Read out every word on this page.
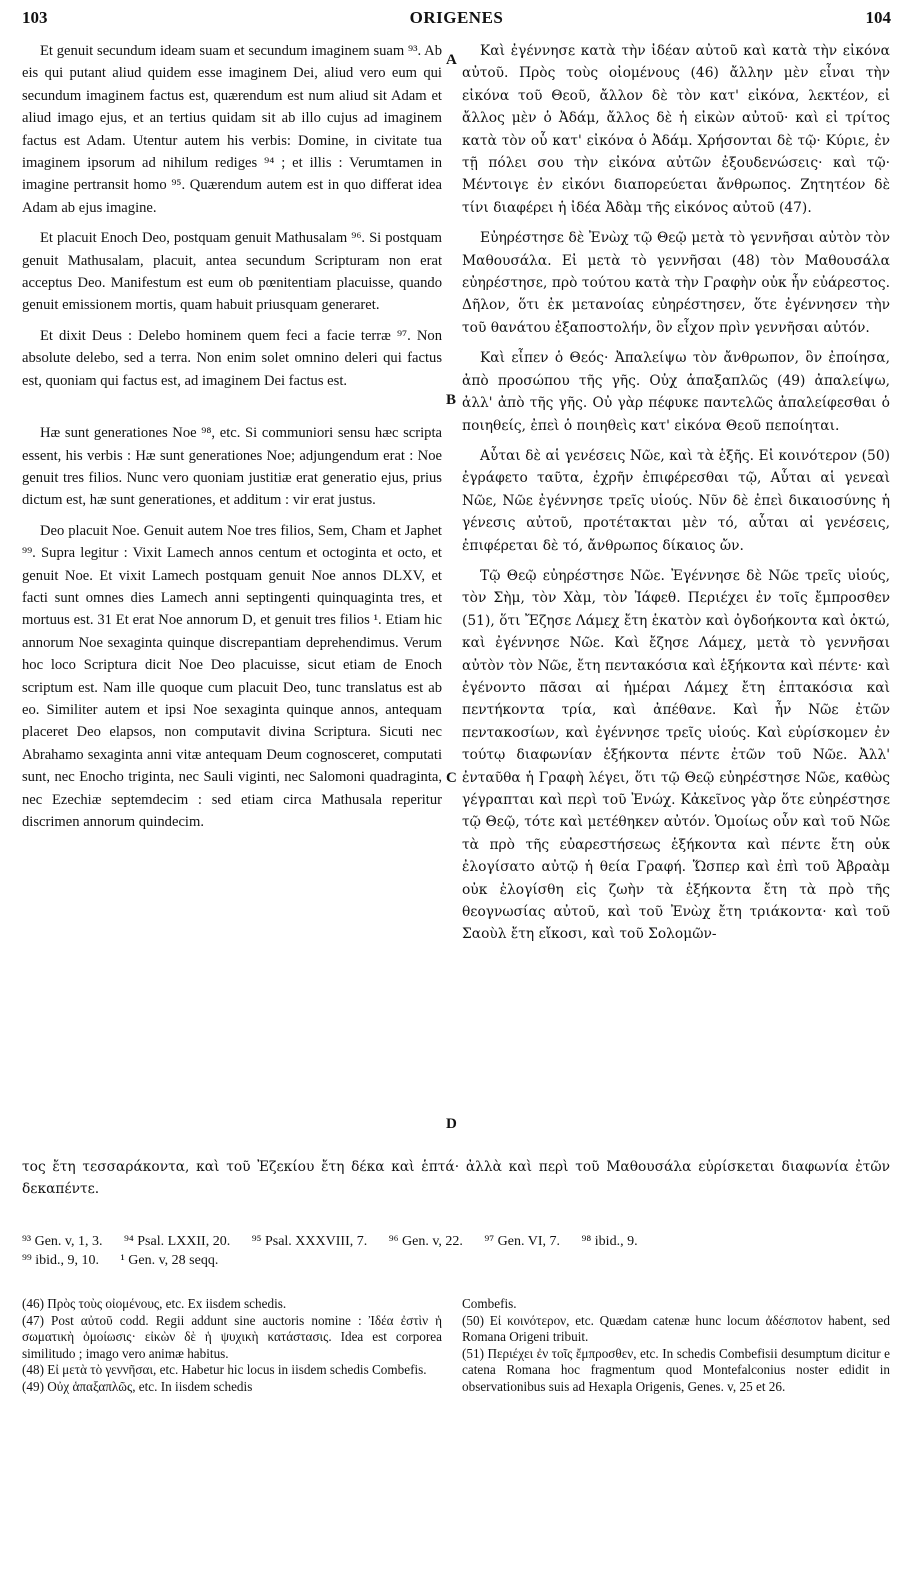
103	ORIGENES	104

Et genuit secundum ideam suam et secundum imaginem suam ⁹³. Ab eis qui putant aliud quidem esse imaginem Dei, aliud vero eum qui secundum imaginem factus est, quærendum est num aliud sit Adam et aliud imago ejus, et an tertius quidam sit ab illo cujus ad imaginem factus est Adam. Utentur autem his verbis: Domine, in civitate tua imaginem ipsorum ad nihilum rediges ⁹⁴ ; et illis : Verumtamen in imagine pertransit homo ⁹⁵. Quærendum autem est in quo differat idea Adam ab ejus imagine.

Et placuit Enoch Deo, postquam genuit Mathusalam ⁹⁶. Si postquam genuit Mathusalam, placuit, antea secundum Scripturam non erat acceptus Deo. Manifestum est eum ob pœnitentiam placuisse, quando genuit emissionem mortis, quam habuit priusquam generaret.

Et dixit Deus : Delebo hominem quem feci a facie terræ ⁹⁷. Non absolute delebo, sed a terra. Non enim solet omnino deleri qui factus est, quoniam qui factus est, ad imaginem Dei factus est.

Hæ sunt generationes Noe ⁹⁸, etc. Si communiori sensu hæc scripta essent, his verbis : Hæ sunt generationes Noe; adjungendum erat : Noe genuit tres filios. Nunc vero quoniam justitiæ erat generatio ejus, prius dictum est, hæ sunt generationes, et additum : vir erat justus.

Deo placuit Noe. Genuit autem Noe tres filios, Sem, Cham et Japhet ⁹⁹. Supra legitur : Vixit Lamech annos centum et octoginta et octo, et genuit Noe. Et vixit Lamech postquam genuit Noe annos DLXV, et facti sunt omnes dies Lamech anni septingenti quinquaginta tres, et mortuus est. 31 Et erat Noe annorum D, et genuit tres filios ¹. Etiam hic annorum Noe sexaginta quinque discrepantiam deprehendimus. Verum hoc loco Scriptura dicit Noe Deo placuisse, sicut etiam de Enoch scriptum est. Nam ille quoque cum placuit Deo, tunc translatus est ab eo. Similiter autem et ipsi Noe sexaginta quinque annos, antequam placeret Deo elapsos, non computavit divina Scriptura. Sicuti nec Abrahamo sexaginta anni vitæ antequam Deum cognosceret, computati sunt, nec Enocho triginta, nec Sauli viginti, nec Salomoni quadraginta, nec Ezechiæ septemdecim : sed etiam circa Mathusala reperitur discrimen annorum quindecim.

A
B
C
D

Καὶ ἐγέννησε κατὰ τὴν ἰδέαν αὐτοῦ καὶ κατὰ τὴν εἰκόνα αὐτοῦ. Πρὸς τοὺς οἰομένους (46) ἄλλην μὲν εἶναι τὴν εἰκόνα τοῦ Θεοῦ, ἄλλον δὲ τὸν κατ' εἰκόνα, λεκτέον, εἰ ἄλλος μὲν ὁ Ἀδάμ, ἄλλος δὲ ἡ εἰκὼν αὐτοῦ· καὶ εἰ τρίτος κατὰ τὸν οὗ κατ' εἰκόνα ὁ Ἀδάμ. Χρήσονται δὲ τῷ· Κύριε, ἐν τῇ πόλει σου τὴν εἰκόνα αὐτῶν ἐξουδενώσεις· καὶ τῷ· Μέντοιγε ἐν εἰκόνι διαπορεύεται ἄνθρωπος. Ζητητέον δὲ τίνι διαφέρει ἡ ἰδέα Ἀδὰμ τῆς εἰκόνος αὐτοῦ (47).

Εὐηρέστησε δὲ Ἐνὼχ τῷ Θεῷ μετὰ τὸ γεννῆσαι αὐτὸν τὸν Μαθουσάλα. Εἰ μετὰ τὸ γεννῆσαι (48) τὸν Μαθουσάλα εὐηρέστησε, πρὸ τούτου κατὰ τὴν Γραφὴν οὐκ ἦν εὐάρεστος. Δῆλον, ὅτι ἐκ μετανοίας εὐηρέστησεν, ὅτε ἐγέννησεν τὴν τοῦ θανάτου ἐξαποστολήν, ὃν εἶχον πρὶν γεννῆσαι αὐτόν.

Καὶ εἶπεν ὁ Θεός· Ἀπαλείψω τὸν ἄνθρωπον, ὃν ἐποίησα, ἀπὸ προσώπου τῆς γῆς. Οὐχ ἁπαξαπλῶς (49) ἀπαλείψω, ἀλλ' ἀπὸ τῆς γῆς. Οὐ γὰρ πέφυκε παντελῶς ἀπαλείφεσθαι ὁ ποιηθείς, ἐπεὶ ὁ ποιηθεὶς κατ' εἰκόνα Θεοῦ πεποίηται.

Αὗται δὲ αἱ γενέσεις Νῶε, καὶ τὰ ἑξῆς. Εἰ κοινότερον (50) ἐγράφετο ταῦτα, ἐχρῆν ἐπιφέρεσθαι τῷ, Αὗται αἱ γενεαὶ Νῶε, Νῶε ἐγέννησε τρεῖς υἱούς. Νῦν δὲ ἐπεὶ δικαιοσύνης ἡ γένεσις αὐτοῦ, προτέτακται μὲν τό, αὗται αἱ γενέσεις, ἐπιφέρεται δὲ τό, ἄνθρωπος δίκαιος ὤν.

Τῷ Θεῷ εὐηρέστησε Νῶε. Ἐγέννησε δὲ Νῶε τρεῖς υἱούς, τὸν Σὴμ, τὸν Χὰμ, τὸν Ἰάφεθ. Περιέχει ἐν τοῖς ἔμπροσθεν (51), ὅτι Ἔζησε Λάμεχ ἔτη ἑκατὸν καὶ ὀγδοήκοντα καὶ ὀκτώ, καὶ ἐγέννησε Νῶε. Καὶ ἔζησε Λάμεχ, μετὰ τὸ γεννῆσαι αὐτὸν τὸν Νῶε, ἔτη πεντακόσια καὶ ἑξήκοντα καὶ πέντε· καὶ ἐγένοντο πᾶσαι αἱ ἡμέραι Λάμεχ ἔτη ἑπτακόσια καὶ πεντήκοντα τρία, καὶ ἀπέθανε. Καὶ ἦν Νῶε ἐτῶν πεντακοσίων, καὶ ἐγέννησε τρεῖς υἱούς. Καὶ εὑρίσκομεν ἐν τούτῳ διαφωνίαν ἑξήκοντα πέντε ἐτῶν τοῦ Νῶε. Ἀλλ' ἐνταῦθα ἡ Γραφὴ λέγει, ὅτι τῷ Θεῷ εὐηρέστησε Νῶε, καθὼς γέγραπται καὶ περὶ τοῦ Ἐνώχ. Κἀκεῖνος γὰρ ὅτε εὐηρέστησε τῷ Θεῷ, τότε καὶ μετέθηκεν αὐτόν. Ὁμοίως οὖν καὶ τοῦ Νῶε τὰ πρὸ τῆς εὐαρεστήσεως ἑξήκοντα καὶ πέντε ἔτη οὐκ ἐλογίσατο αὐτῷ ἡ θεία Γραφή. Ὥσπερ καὶ ἐπὶ τοῦ Ἀβραὰμ οὐκ ἐλογίσθη εἰς ζωὴν τὰ ἑξήκοντα ἔτη τὰ πρὸ τῆς θεογνωσίας αὐτοῦ, καὶ τοῦ Ἐνὼχ ἔτη τριάκοντα· καὶ τοῦ Σαοὺλ ἔτη εἴκοσι, καὶ τοῦ Σολομῶν-

τος ἔτη τεσσαράκοντα, καὶ τοῦ Ἐζεκίου ἔτη δέκα καὶ ἑπτά· ἀλλὰ καὶ περὶ τοῦ Μαθουσάλα εὑρίσκεται διαφωνία ἐτῶν δεκαπέντε.
⁹³ Gen. v, 1, 3. ⁹⁴ Psal. LXXII, 20. ⁹⁵ Psal. XXXVIII, 7. ⁹⁶ Gen. v, 22. ⁹⁷ Gen. VI, 7. ⁹⁸ ibid., 9.
⁹⁹ ibid., 9, 10. ¹ Gen. v, 28 seqq.

(46) Πρὸς τοὺς οἰομένους, etc. Ex iisdem schedis.

(47) Post αὐτοῦ codd. Regii addunt sine auctoris nomine : Ἰδέα ἐστὶν ἡ σωματικὴ ὁμοίωσις· εἰκὼν δὲ ἡ ψυχικὴ κατάστασις. Idea est corporea similitudo ; imago vero animæ habitus.

(48) Εἰ μετὰ τὸ γεννῆσαι, etc. Habetur hic locus in iisdem schedis Combefis.

(49) Οὐχ ἁπαξαπλῶς, etc. In iisdem schedis

Combefis.

(50) Εἰ κοινότερον, etc. Quædam catenæ hunc locum ἀδέσποτον habent, sed Romana Origeni tribuit.

(51) Περιέχει ἐν τοῖς ἔμπροσθεν, etc. In schedis Combefisii desumptum dicitur e catena Romana hoc fragmentum quod Montefalconius noster edidit in observationibus suis ad Hexapla Origenis, Genes. v, 25 et 26.
